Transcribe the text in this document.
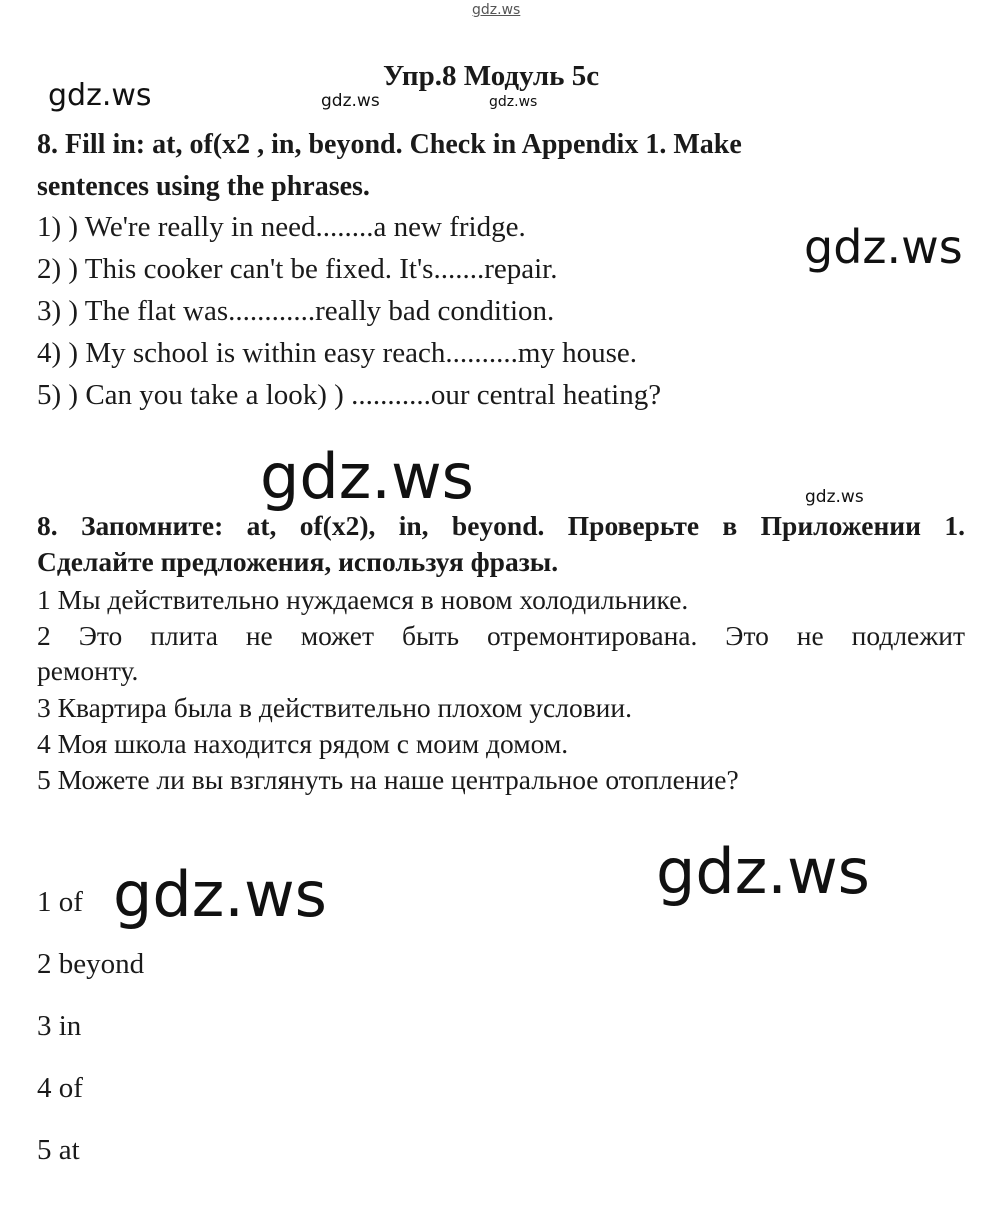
gdz.ws
gdz.ws	gdz.ws	gdz.ws
gdz.ws
gdz.ws	gdz.ws
gdz.ws
gdz.ws
Упр.8 Модуль 5с
8. Fill in: at, of(x2 , in, beyond. Check in Appendix 1. Make
sentences using the phrases.
1) ) We're really in need........a new fridge.
2) ) This cooker can't be fixed. It's.......repair.
3) ) The flat was............really bad condition.
4) ) My school is within easy reach..........my house.
5) ) Can you take a look) ) ...........our central heating?
8. Запомните: at, of(x2), in, beyond. Проверьте в Приложении 1.
Сделайте предложения, используя фразы.
1 Мы действительно нуждаемся в новом холодильнике.
2 Это плита не может быть отремонтирована. Это не подлежит
ремонту.
3 Квартира была в действительно плохом условии.
4 Моя школа находится рядом с моим домом.
5 Можете ли вы взглянуть на наше центральное отопление?
1 of
2 beyond
3 in
4 of
5 at
